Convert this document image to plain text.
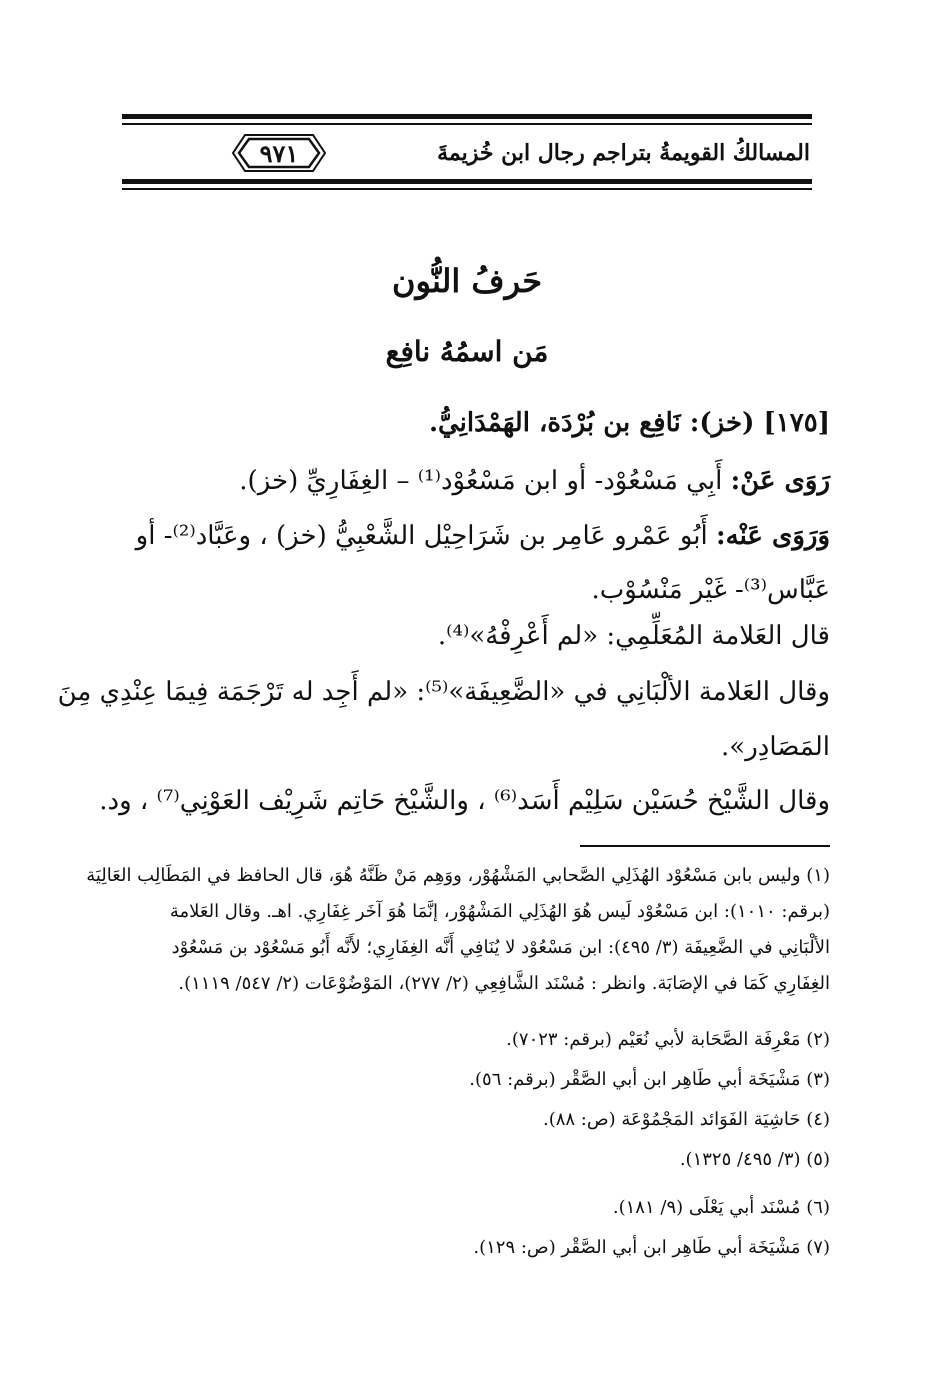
المسالكُ القويمةُ بتراجم رجال ابن خُزيمةَ
٩٧١
حَرفُ النُّون
مَن اسمُهُ نافِع
[١٧٥] (خز): نَافِع بن بُرْدَة، الهَمْدَانِيُّ.
رَوَى عَنْ: أَبِي مَسْعُوْد- أو ابن مَسْعُوْد⁽¹⁾ – الغِفَارِيِّ (خز).
وَرَوَى عَنْه: أَبُو عَمْرو عَامِر بن شَرَاحِيْل الشَّعْبِيُّ (خز) ، وعَبَّاد⁽²⁾- أو
عَبَّاس⁽³⁾- غَيْر مَنْسُوْب.
قال العَلامة المُعَلِّمِي: «لم أَعْرِفْهُ»⁽⁴⁾.
وقال العَلامة الألْبَانِي في «الضَّعِيفَة»⁽⁵⁾: «لم أَجِد له تَرْجَمَة فِيمَا عِنْدِي مِنَ
المَصَادِر».
وقال الشَّيْخ حُسَيْن سَلِيْم أَسَد⁽⁶⁾ ، والشَّيْخ حَاتِم شَرِيْف العَوْنِي⁽⁷⁾ ، ود.
(١) وليس بابن مَسْعُوْد الهُذَلِي الصَّحابي المَشْهُوْر، ووَهِم مَنْ ظَنَّهُ هُوَ، قال الحافظ في المَطَالِب العَالِيَة
(برقم: ١٠١٠): ابن مَسْعُوْد لَيس هُوَ الهُذَلِي المَشْهُوْر، إنَّمَا هُوَ آخَر غِفَارِي. اهـ. وقال العَلامة
الألْبَانِي في الضَّعِيفَة (٣/ ٤٩٥): ابن مَسْعُوْد لا يُنَافِي أَنَّه الغِفَارِي؛ لأَنَّه أَبُو مَسْعُوْد بن مَسْعُوْد
الغِفَارِي كَمَا في الإصَابَة. وانظر : مُسْنَد الشَّافِعِي (٢/ ٢٧٧)، المَوْضُوْعَات (٢/ ٥٤٧/ ١١١٩).
(٢) مَعْرِفَة الصَّحَابة لأبي نُعَيْم (برقم: ٧٠٢٣).
(٣) مَشْيَخَة أبي طَاهِر ابن أبي الصَّقْر (برقم: ٥٦).
(٤) حَاشِيَة الفَوَائد المَجْمُوْعَة (ص: ٨٨).
(٥) (٣/ ٤٩٥/ ١٣٢٥).
(٦) مُسْنَد أبي يَعْلَى (٩/ ١٨١).
(٧) مَشْيَخَة أبي طَاهِر ابن أبي الصَّقْر (ص: ١٢٩).
